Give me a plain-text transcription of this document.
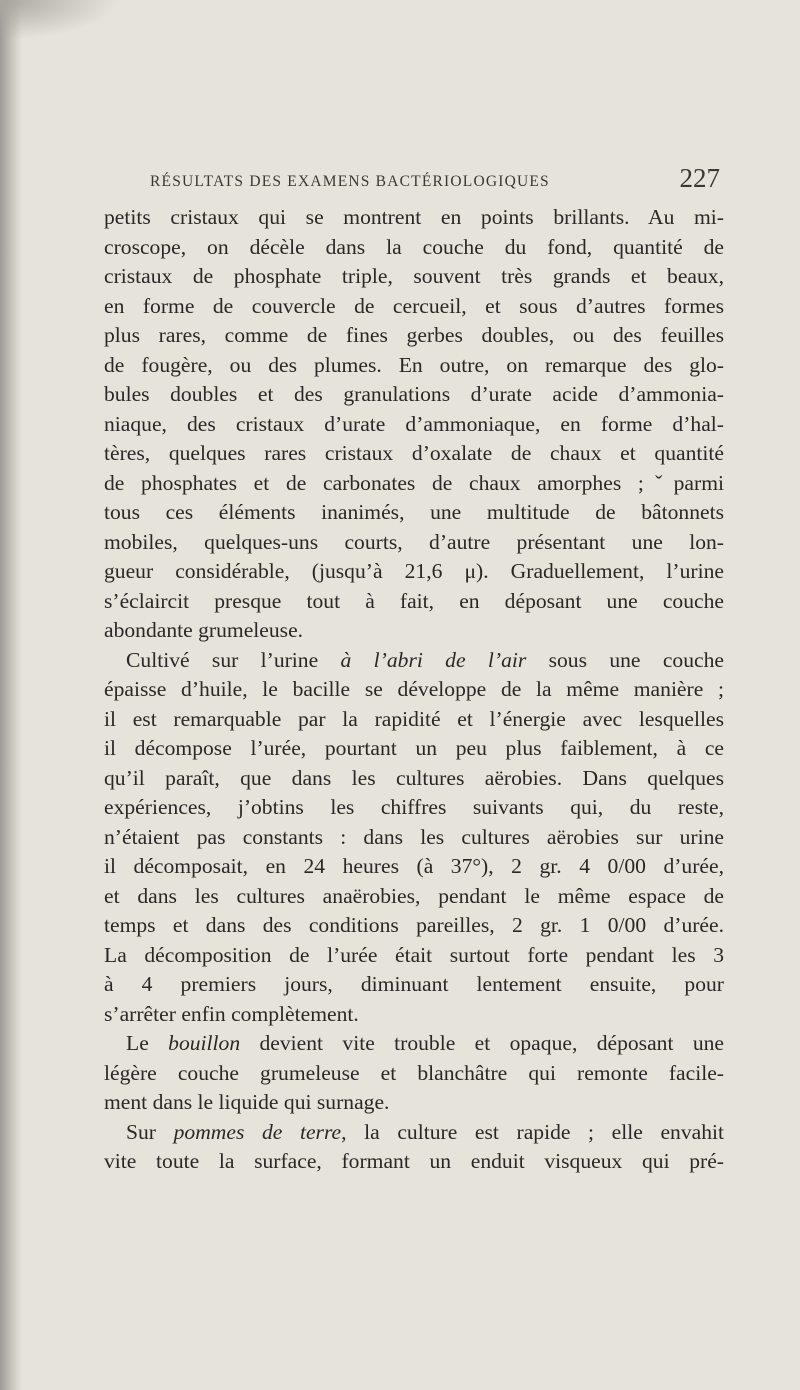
RÉSULTATS DES EXAMENS BACTÉRIOLOGIQUES	227
petits cristaux qui se montrent en points brillants. Au mi-
croscope, on décèle dans la couche du fond, quantité de
cristaux de phosphate triple, souvent très grands et beaux,
en forme de couvercle de cercueil, et sous d’autres formes
plus rares, comme de fines gerbes doubles, ou des feuilles
de fougère, ou des plumes. En outre, on remarque des glo-
bules doubles et des granulations d’urate acide d’ammonia-
niaque, des cristaux d’urate d’ammoniaque, en forme d’hal-
tères, quelques rares cristaux d’oxalate de chaux et quantité
de phosphates et de carbonates de chaux amorphes ;ˇparmi
tous ces éléments inanimés, une multitude de bâtonnets
mobiles, quelques-uns courts, d’autre présentant une lon-
gueur considérable, (jusqu’à 21,6 μ). Graduellement, l’urine
s’éclaircit presque tout à fait, en déposant une couche
abondante grumeleuse.
Cultivé sur l’urine à l’abri de l’air sous une couche
épaisse d’huile, le bacille se développe de la même manière ;
il est remarquable par la rapidité et l’énergie avec lesquelles
il décompose l’urée, pourtant un peu plus faiblement, à ce
qu’il paraît, que dans les cultures aërobies. Dans quelques
expériences, j’obtins les chiffres suivants qui, du reste,
n’étaient pas constants : dans les cultures aërobies sur urine
il décomposait, en 24 heures (à 37°), 2 gr. 4 0/00 d’urée,
et dans les cultures anaërobies, pendant le même espace de
temps et dans des conditions pareilles, 2 gr. 1 0/00 d’urée.
La décomposition de l’urée était surtout forte pendant les 3
à 4 premiers jours, diminuant lentement ensuite, pour
s’arrêter enfin complètement.
Le bouillon devient vite trouble et opaque, déposant une
légère couche grumeleuse et blanchâtre qui remonte facile-
ment dans le liquide qui surnage.
Sur pommes de terre, la culture est rapide ; elle envahit
vite toute la surface, formant un enduit visqueux qui pré-
